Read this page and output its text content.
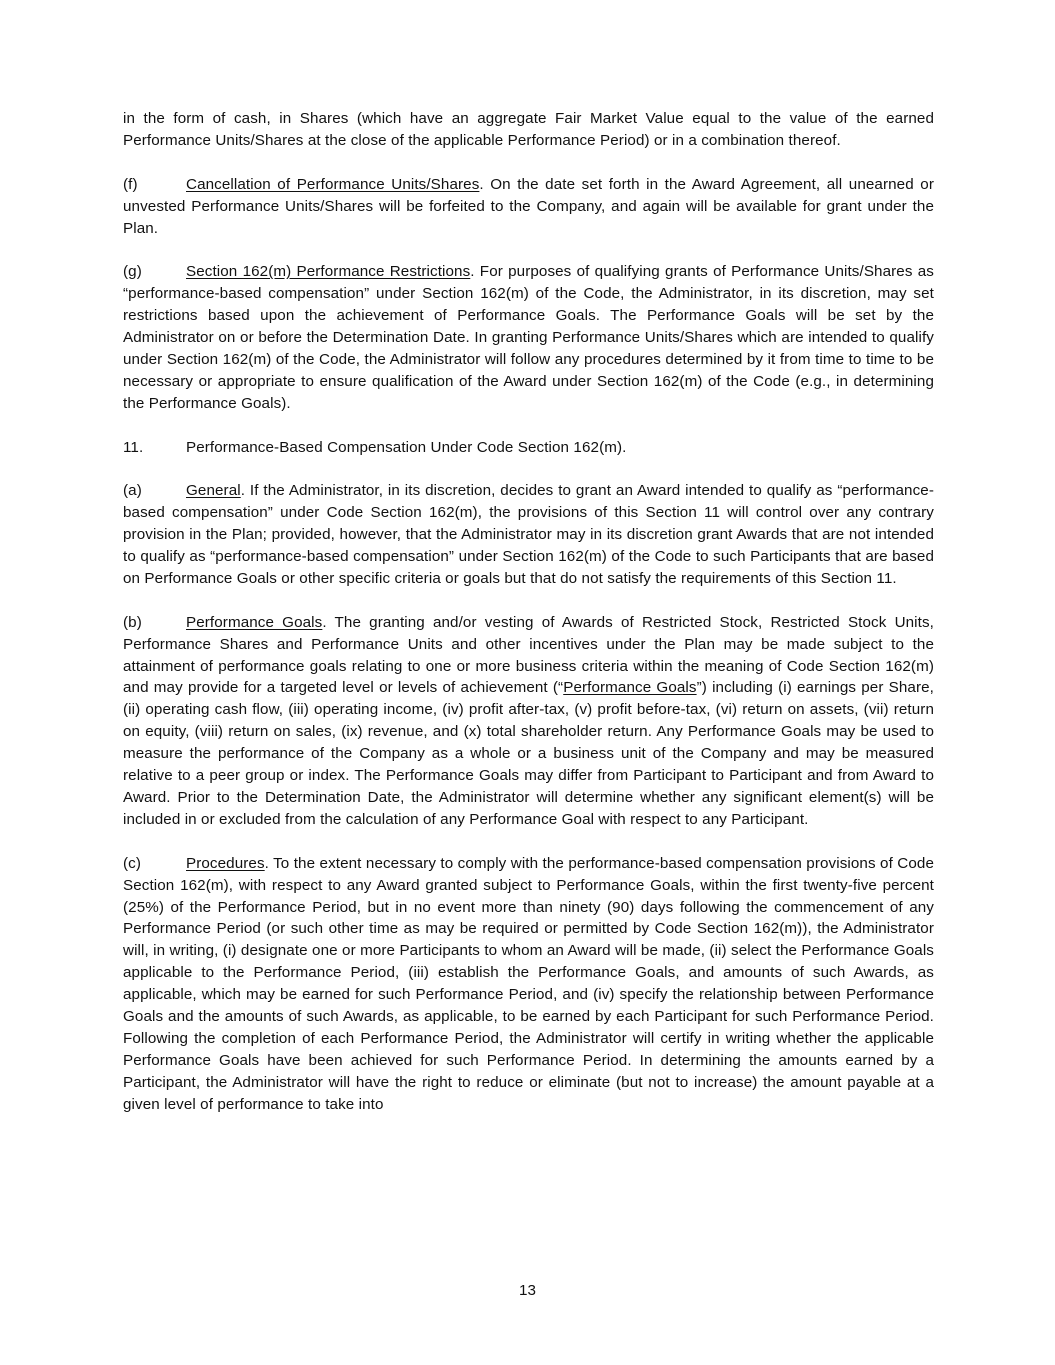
in the form of cash, in Shares (which have an aggregate Fair Market Value equal to the value of the earned Performance Units/Shares at the close of the applicable Performance Period) or in a combination thereof.

(f)	Cancellation of Performance Units/Shares. On the date set forth in the Award Agreement, all unearned or unvested Performance Units/Shares will be forfeited to the Company, and again will be available for grant under the Plan.

(g)	Section 162(m) Performance Restrictions. For purposes of qualifying grants of Performance Units/Shares as “performance-based compensation” under Section 162(m) of the Code, the Administrator, in its discretion, may set restrictions based upon the achievement of Performance Goals. The Performance Goals will be set by the Administrator on or before the Determination Date. In granting Performance Units/Shares which are intended to qualify under Section 162(m) of the Code, the Administrator will follow any procedures determined by it from time to time to be necessary or appropriate to ensure qualification of the Award under Section 162(m) of the Code (e.g., in determining the Performance Goals).

11.	Performance-Based Compensation Under Code Section 162(m).

(a)	General. If the Administrator, in its discretion, decides to grant an Award intended to qualify as “performance-based compensation” under Code Section 162(m), the provisions of this Section 11 will control over any contrary provision in the Plan; provided, however, that the Administrator may in its discretion grant Awards that are not intended to qualify as “performance-based compensation” under Section 162(m) of the Code to such Participants that are based on Performance Goals or other specific criteria or goals but that do not satisfy the requirements of this Section 11.

(b)	Performance Goals. The granting and/or vesting of Awards of Restricted Stock, Restricted Stock Units, Performance Shares and Performance Units and other incentives under the Plan may be made subject to the attainment of performance goals relating to one or more business criteria within the meaning of Code Section 162(m) and may provide for a targeted level or levels of achievement (“Performance Goals”) including (i) earnings per Share, (ii) operating cash flow, (iii) operating income, (iv) profit after-tax, (v) profit before-tax, (vi) return on assets, (vii) return on equity, (viii) return on sales, (ix) revenue, and (x) total shareholder return. Any Performance Goals may be used to measure the performance of the Company as a whole or a business unit of the Company and may be measured relative to a peer group or index. The Performance Goals may differ from Participant to Participant and from Award to Award. Prior to the Determination Date, the Administrator will determine whether any significant element(s) will be included in or excluded from the calculation of any Performance Goal with respect to any Participant.

(c)	Procedures. To the extent necessary to comply with the performance-based compensation provisions of Code Section 162(m), with respect to any Award granted subject to Performance Goals, within the first twenty-five percent (25%) of the Performance Period, but in no event more than ninety (90) days following the commencement of any Performance Period (or such other time as may be required or permitted by Code Section 162(m)), the Administrator will, in writing, (i) designate one or more Participants to whom an Award will be made, (ii) select the Performance Goals applicable to the Performance Period, (iii) establish the Performance Goals, and amounts of such Awards, as applicable, which may be earned for such Performance Period, and (iv) specify the relationship between Performance Goals and the amounts of such Awards, as applicable, to be earned by each Participant for such Performance Period. Following the completion of each Performance Period, the Administrator will certify in writing whether the applicable Performance Goals have been achieved for such Performance Period. In determining the amounts earned by a Participant, the Administrator will have the right to reduce or eliminate (but not to increase) the amount payable at a given level of performance to take into

13
